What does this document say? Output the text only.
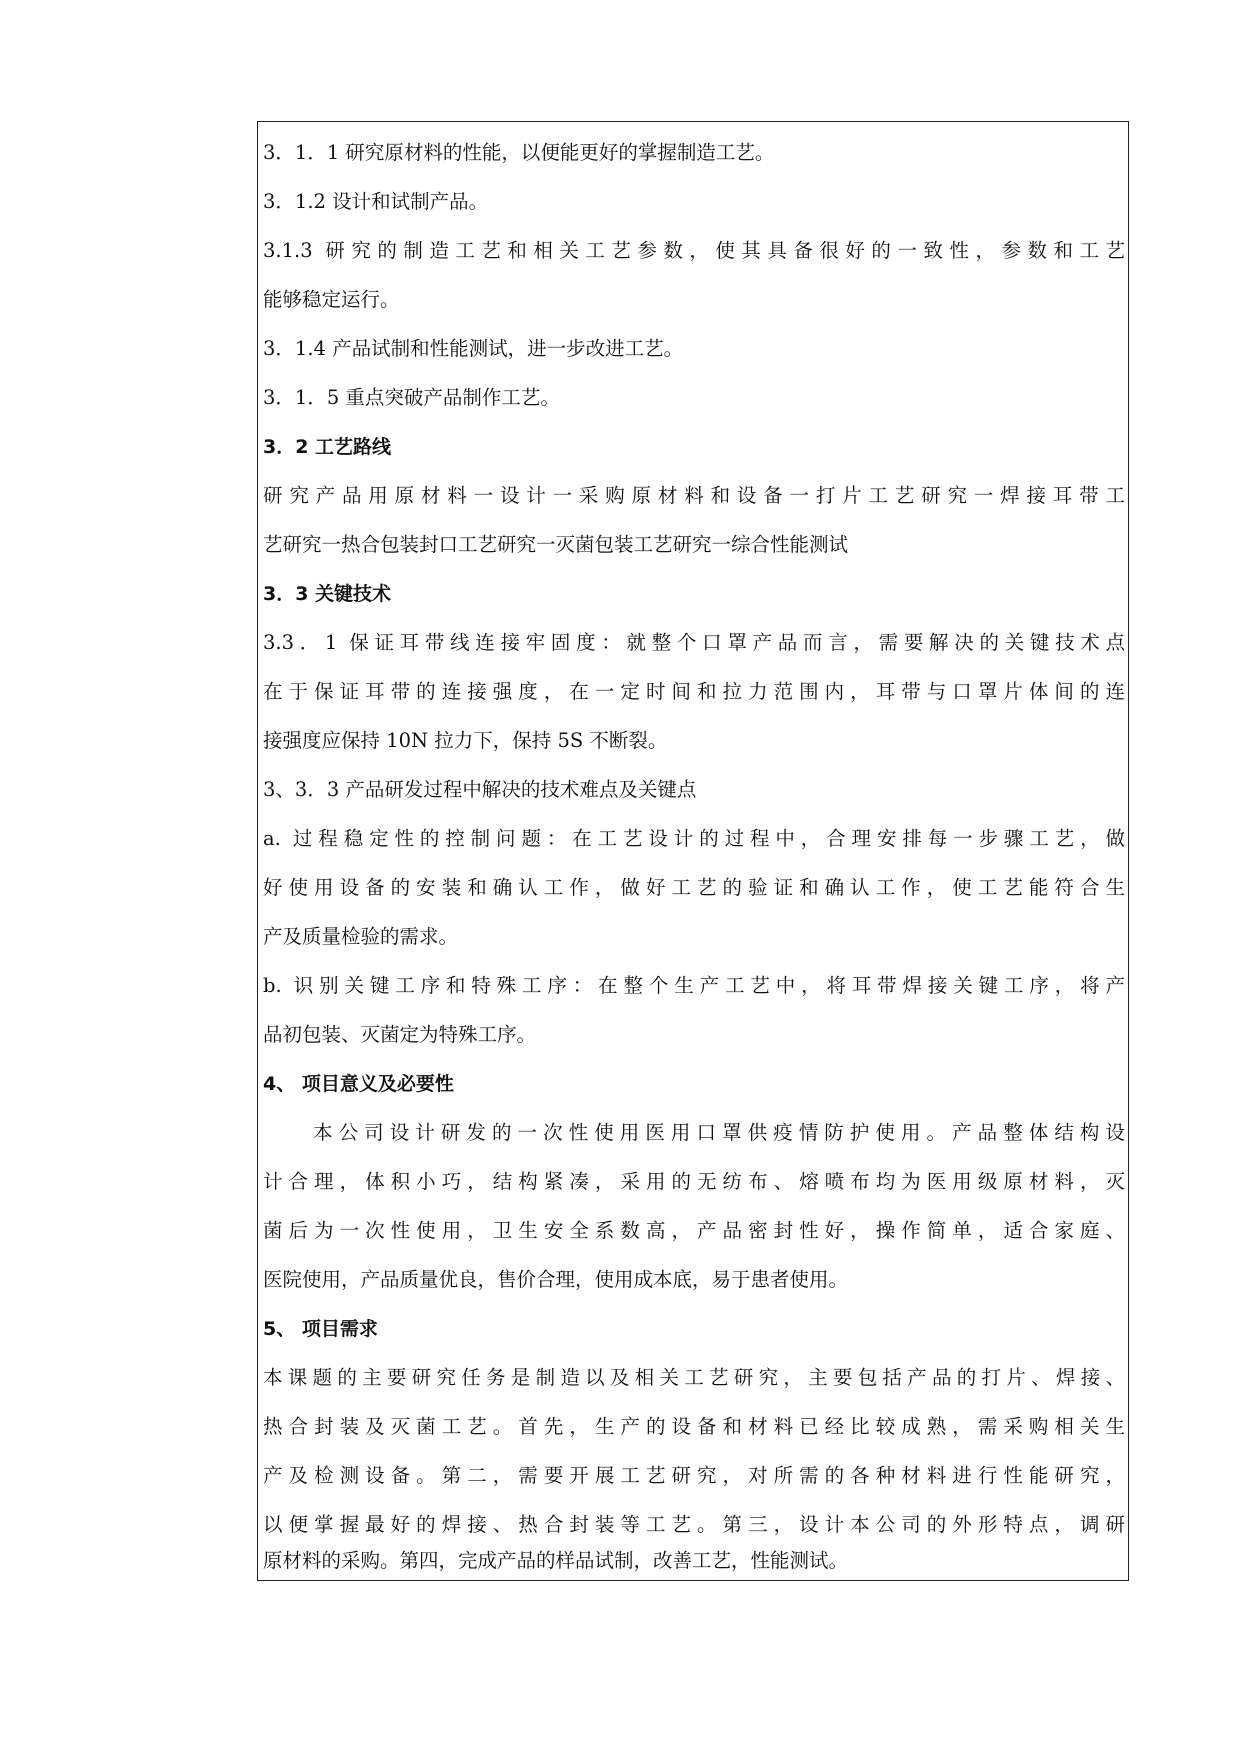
3．1．1 研究原材料的性能，以便能更好的掌握制造工艺。
3．1.2 设计和试制产品。
3.1.3 研究的制造工艺和相关工艺参数，使其具备很好的一致性，参数和工艺
能够稳定运行。
3．1.4 产品试制和性能测试，进一步改进工艺。
3．1．5 重点突破产品制作工艺。
3．2 工艺路线
研究产品用原材料一设计一采购原材料和设备一打片工艺研究一焊接耳带工
艺研究一热合包装封口工艺研究一灭菌包装工艺研究一综合性能测试
3．3 关键技术
3.3．1 保证耳带线连接牢固度：就整个口罩产品而言，需要解决的关键技术点
在于保证耳带的连接强度，在一定时间和拉力范围内，耳带与口罩片体间的连
接强度应保持 10N 拉力下，保持 5S 不断裂。
3、3．3 产品研发过程中解决的技术难点及关键点
a. 过程稳定性的控制问题：在工艺设计的过程中，合理安排每一步骤工艺，做
好使用设备的安装和确认工作，做好工艺的验证和确认工作，使工艺能符合生
产及质量检验的需求。
b. 识别关键工序和特殊工序：在整个生产工艺中，将耳带焊接关键工序，将产
品初包装、灭菌定为特殊工序。
4、 项目意义及必要性
本公司设计研发的一次性使用医用口罩供疫情防护使用。产品整体结构设
计合理，体积小巧，结构紧凑，采用的无纺布、熔喷布均为医用级原材料，灭
菌后为一次性使用，卫生安全系数高，产品密封性好，操作简单，适合家庭、
医院使用，产品质量优良，售价合理，使用成本底，易于患者使用。
5、 项目需求
本课题的主要研究任务是制造以及相关工艺研究，主要包括产品的打片、焊接、
热合封装及灭菌工艺。首先，生产的设备和材料已经比较成熟，需采购相关生
产及检测设备。第二，需要开展工艺研究，对所需的各种材料进行性能研究，
以便掌握最好的焊接、热合封装等工艺。第三，设计本公司的外形特点，调研
原材料的采购。第四，完成产品的样品试制，改善工艺，性能测试。
